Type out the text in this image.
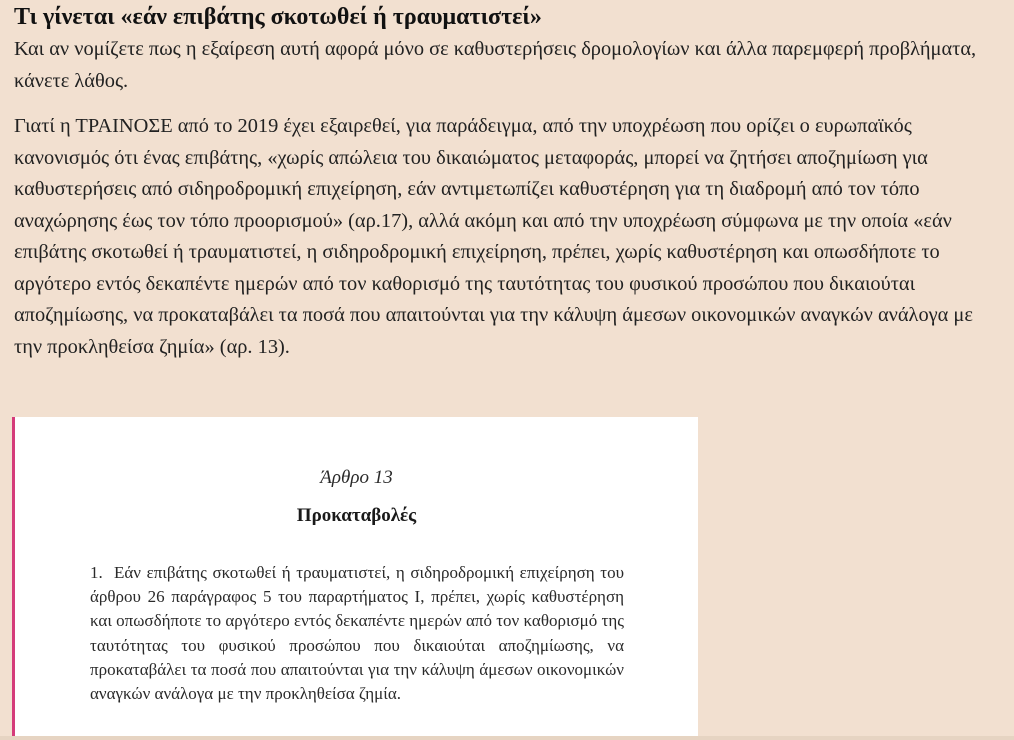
Τι γίνεται «εάν επιβάτης σκοτωθεί ή τραυματιστεί»

Και αν νομίζετε πως η εξαίρεση αυτή αφορά μόνο σε καθυστερήσεις δρομολογίων και άλλα παρεμφερή προβλήματα, κάνετε λάθος.

Γιατί η ΤΡΑΙΝΟΣΕ από το 2019 έχει εξαιρεθεί, για παράδειγμα, από την υποχρέωση που ορίζει ο ευρωπαϊκός κανονισμός ότι ένας επιβάτης, «χωρίς απώλεια του δικαιώματος μεταφοράς, μπορεί να ζητήσει αποζημίωση για καθυστερήσεις από σιδηροδρομική επιχείρηση, εάν αντιμετωπίζει καθυστέρηση για τη διαδρομή από τον τόπο αναχώρησης έως τον τόπο προορισμού» (αρ.17), αλλά ακόμη και από την υποχρέωση σύμφωνα με την οποία «εάν επιβάτης σκοτωθεί ή τραυματιστεί, η σιδηροδρομική επιχείρηση, πρέπει, χωρίς καθυστέρηση και οπωσδήποτε το αργότερο εντός δεκαπέντε ημερών από τον καθορισμό της ταυτότητας του φυσικού προσώπου που δικαιούται αποζημίωσης, να προκαταβάλει τα ποσά που απαιτούνται για την κάλυψη άμεσων οικονομικών αναγκών ανάλογα με την προκληθείσα ζημία» (αρ. 13).

Άρθρο 13
Προκαταβολές
1. Εάν επιβάτης σκοτωθεί ή τραυματιστεί, η σιδηροδρομική επιχείρηση του άρθρου 26 παράγραφος 5 του παραρτήματος I, πρέπει, χωρίς καθυστέρηση και οπωσδήποτε το αργότερο εντός δεκαπέντε ημερών από τον καθορισμό της ταυτότητας του φυσικού προσώπου που δικαιούται αποζημίωσης, να προκαταβάλει τα ποσά που απαιτούνται για την κάλυψη άμεσων οικονομικών αναγκών ανάλογα με την προκληθείσα ζημία.
